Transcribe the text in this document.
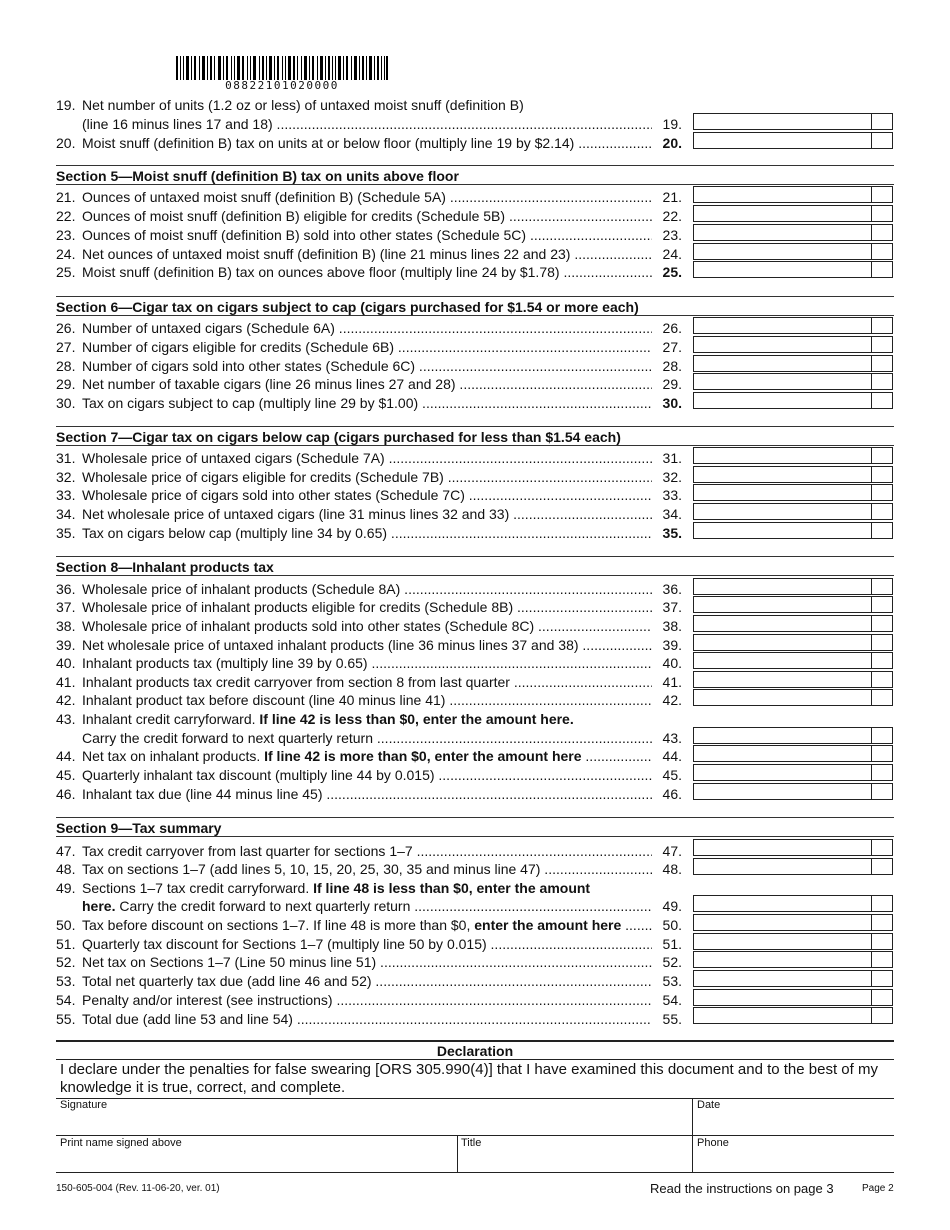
08822101020000
19. Net number of units (1.2 oz or less) of untaxed moist snuff (definition B)
(line 16 minus lines 17 and 18) .....	19.
20. Moist snuff (definition B) tax on units at or below floor (multiply line 19 by $2.14) .....	20.
Section 5—Moist snuff (definition B) tax on units above floor
21. Ounces of untaxed moist snuff (definition B) (Schedule 5A) .....	21.
22. Ounces of moist snuff (definition B) eligible for credits (Schedule 5B) .....	22.
23. Ounces of moist snuff (definition B) sold into other states (Schedule 5C) .....	23.
24. Net ounces of untaxed moist snuff (definition B) (line 21 minus lines 22 and 23) .....	24.
25. Moist snuff (definition B) tax on ounces above floor (multiply line 24 by $1.78) .....	25.
Section 6—Cigar tax on cigars subject to cap (cigars purchased for $1.54 or more each)
26. Number of untaxed cigars (Schedule 6A) .....	26.
27. Number of cigars eligible for credits (Schedule 6B) .....	27.
28. Number of cigars sold into other states (Schedule 6C) .....	28.
29. Net number of taxable cigars (line 26 minus lines 27 and 28) .....	29.
30. Tax on cigars subject to cap (multiply line 29 by $1.00) .....	30.
Section 7—Cigar tax on cigars below cap (cigars purchased for less than $1.54 each)
31. Wholesale price of untaxed cigars (Schedule 7A) .....	31.
32. Wholesale price of cigars eligible for credits (Schedule 7B) .....	32.
33. Wholesale price of cigars sold into other states (Schedule 7C) .....	33.
34. Net wholesale price of untaxed cigars (line 31 minus lines 32 and 33) .....	34.
35. Tax on cigars below cap (multiply line 34 by 0.65) .....	35.
Section 8—Inhalant products tax
36. Wholesale price of inhalant products (Schedule 8A) .....	36.
37. Wholesale price of inhalant products eligible for credits (Schedule 8B) .....	37.
38. Wholesale price of inhalant products sold into other states (Schedule 8C) .....	38.
39. Net wholesale price of untaxed inhalant products (line 36 minus lines 37 and 38) .....	39.
40. Inhalant products tax (multiply line 39 by 0.65) .....	40.
41. Inhalant products tax credit carryover from section 8 from last quarter .....	41.
42. Inhalant product tax before discount (line 40 minus line 41) .....	42.
43. Inhalant credit carryforward. If line 42 is less than $0, enter the amount here.
Carry the credit forward to next quarterly return .....	43.
44. Net tax on inhalant products. If line 42 is more than $0, enter the amount here .....	44.
45. Quarterly inhalant tax discount (multiply line 44 by 0.015) .....	45.
46. Inhalant tax due (line 44 minus line 45) .....	46.
Section 9—Tax summary
47. Tax credit carryover from last quarter for sections 1–7 .....	47.
48. Tax on sections 1–7 (add lines 5, 10, 15, 20, 25, 30, 35 and minus line 47) .....	48.
49. Sections 1–7 tax credit carryforward. If line 48 is less than $0, enter the amount
here. Carry the credit forward to next quarterly return .....	49.
50. Tax before discount on sections 1–7. If line 48 is more than $0, enter the amount here .....	50.
51. Quarterly tax discount for Sections 1–7 (multiply line 50 by 0.015) .....	51.
52. Net tax on Sections 1–7 (Line 50 minus line 51) .....	52.
53. Total net quarterly tax due (add line 46 and 52) .....	53.
54. Penalty and/or interest (see instructions) .....	54.
55. Total due (add line 53 and line 54) .....	55.
Declaration
I declare under the penalties for false swearing [ORS 305.990(4)] that I have examined this document and to the best of my knowledge it is true, correct, and complete.
Signature	Date
Print name signed above	Title	Phone
150-605-004 (Rev. 11-06-20, ver. 01)	Read the instructions on page 3	Page 2
